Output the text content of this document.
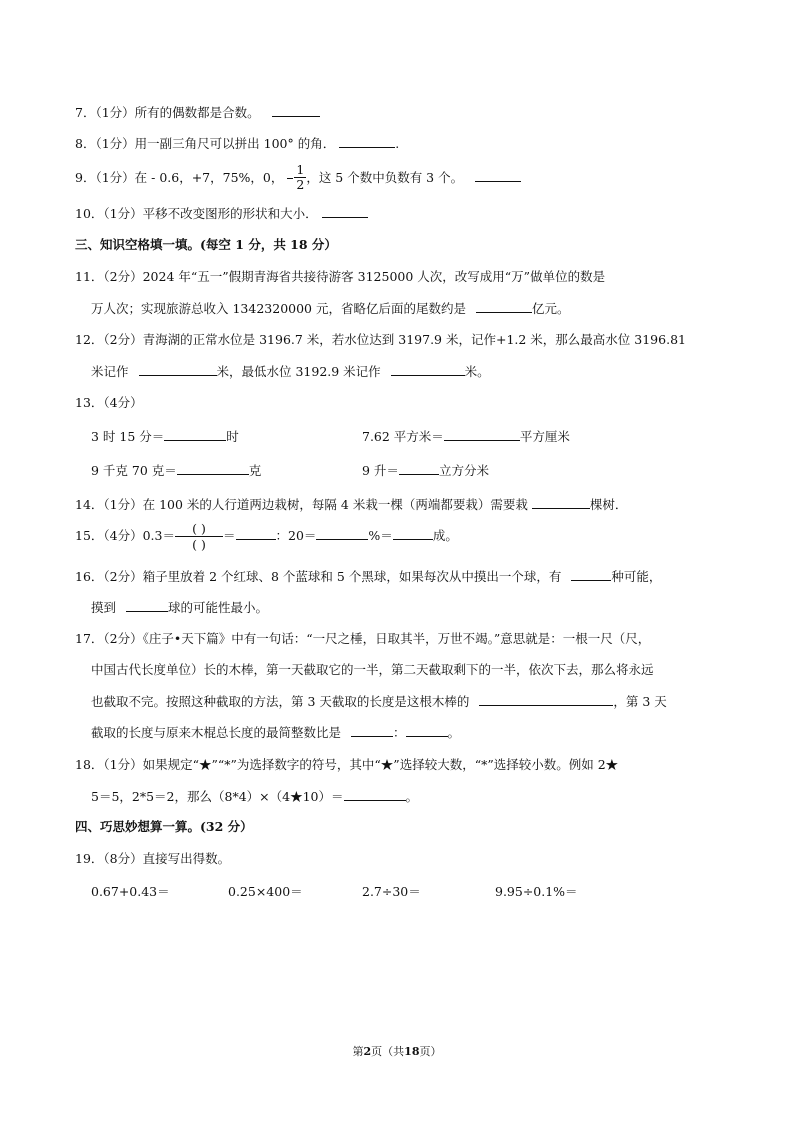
7．（1分）所有的偶数都是合数。
8．（1分）用一副三角尺可以拼出 100° 的角．	.
9．（1分）在 - 0.6，+7，75%，0， $\frac{1}{2}$ ，这 5 个数中负数有 3 个。
10．（1分）平移不改变图形的形状和大小．
三、知识空格填一填。(每空 1 分，共 18 分）
11．（2分）2024 年“五一”假期青海省共接待游客 3125000 人次，改写成用“万”做单位的数是
万人次；实现旅游总收入 1342320000 元，省略亿后面的尾数约是	亿元。
12．（2分）青海湖的正常水位是 3196.7 米，若水位达到 3197.9 米，记作+1.2 米，那么最高水位 3196.81
米记作	米，最低水位 3192.9 米记作	米。
13．（4分）
3 时 15 分＝	时	7.62 平方米＝	平方厘米
9 千克 70 克＝	克	9 升＝	立方分米
14．（1分）在 100 米的人行道两边栽树，每隔 4 米栽一棵（两端都要栽）需要栽	棵树．
15．（4分）$0.3= \frac{( )}{( )}$ ＝	：20＝	%＝	成。
16．（2分）箱子里放着 2 个红球、8 个蓝球和 5 个黑球，如果每次从中摸出一个球，有	种可能，
摸到	球的可能性最小。
17．（2分）《庄子•天下篇》中有一句话：“一尺之棰，日取其半，万世不竭。”意思就是：一根一尺（尺，
中国古代长度单位）长的木棒，第一天截取它的一半，第二天截取剩下的一半，依次下去，那么将永远
也截取不完。按照这种截取的方法，第 3 天截取的长度是这根木棒的	，第 3 天
截取的长度与原来木棍总长度的最简整数比是	：	。
18．（1分）如果规定“★”“*”为选择数字的符号，其中“★”选择较大数，“*”选择较小数。例如 2★
5＝5，2*5＝2，那么（8*4）×（4★10）＝	。
四、巧思妙想算一算。(32 分）
19．（8分）直接写出得数。
0.67+0.43＝	0.25×400＝	2.7÷30＝	9.95÷0.1%＝
第2页（共18页）
